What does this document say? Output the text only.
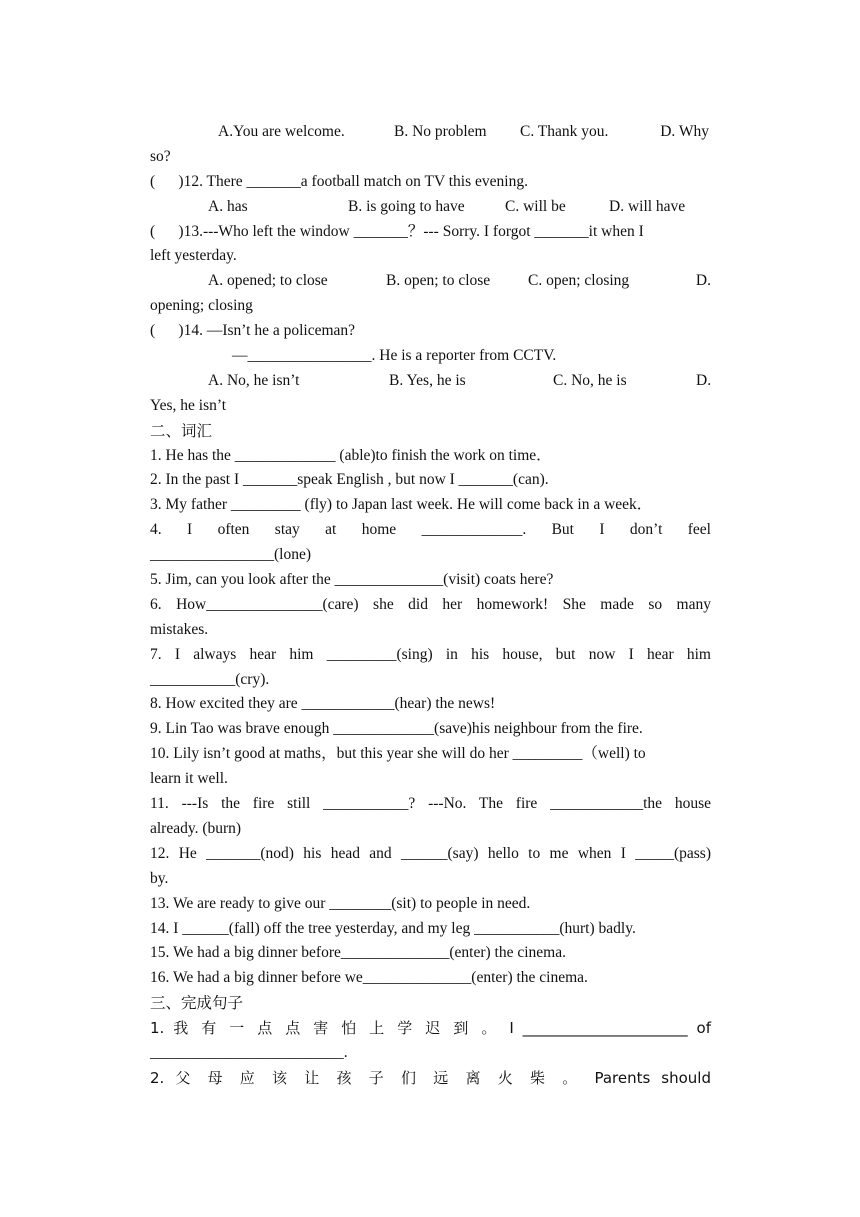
A.You are welcome.	B. No problem	C. Thank you.	D. Why
so?
(      )12. There _______a football match on TV this evening.
A. has	B. is going to have	C. will be	D. will have
(      )13.---Who left the window _______？--- Sorry. I forgot _______it when I
left yesterday.
A. opened; to close	B. open; to close	C. open; closing	D.
opening; closing
(      )14. —Isn’t he a policeman?
—________________. He is a reporter from CCTV.
A. No, he isn’t	B. Yes, he is	C. No, he is	D.
Yes, he isn’t
二、词汇
1. He has the _____________ (able)to finish the work on time．
2. In the past I _______speak English , but now I _______(can).
3. My father _________ (fly) to Japan last week. He will come back in a week．
4. I often stay at home _____________. But I don’t feel
________________(lone)
5. Jim, can you look after the ______________(visit) coats here?
6. How_______________(care) she did her homework! She made so many
mistakes.
7. I always hear him _________(sing) in his house, but now I hear him
___________(cry).
8. How excited they are ____________(hear) the news!
9. Lin Tao was brave enough _____________(save)his neighbour from the fire.
10. Lily isn’t good at maths，but this year she will do her _________（well) to
learn it well.
11. ---Is the fire still ___________? ---No. The fire ____________the house
already. (burn)
12. He _______(nod) his head and ______(say) hello to me when I _____(pass)
by.
13. We are ready to give our ________(sit) to people in need.
14. I ______(fall) off the tree yesterday, and my leg ___________(hurt) badly.
15. We had a big dinner before______________(enter) the cinema.
16. We had a big dinner before we______________(enter) the cinema.
三、完成句子
1. 我 有 一 点 点 害 怕 上 学 迟 到 。 I ______________________ of
_________________________.
2. 父 母 应 该 让 孩 子 们 远 离 火 柴 。 Parents should
